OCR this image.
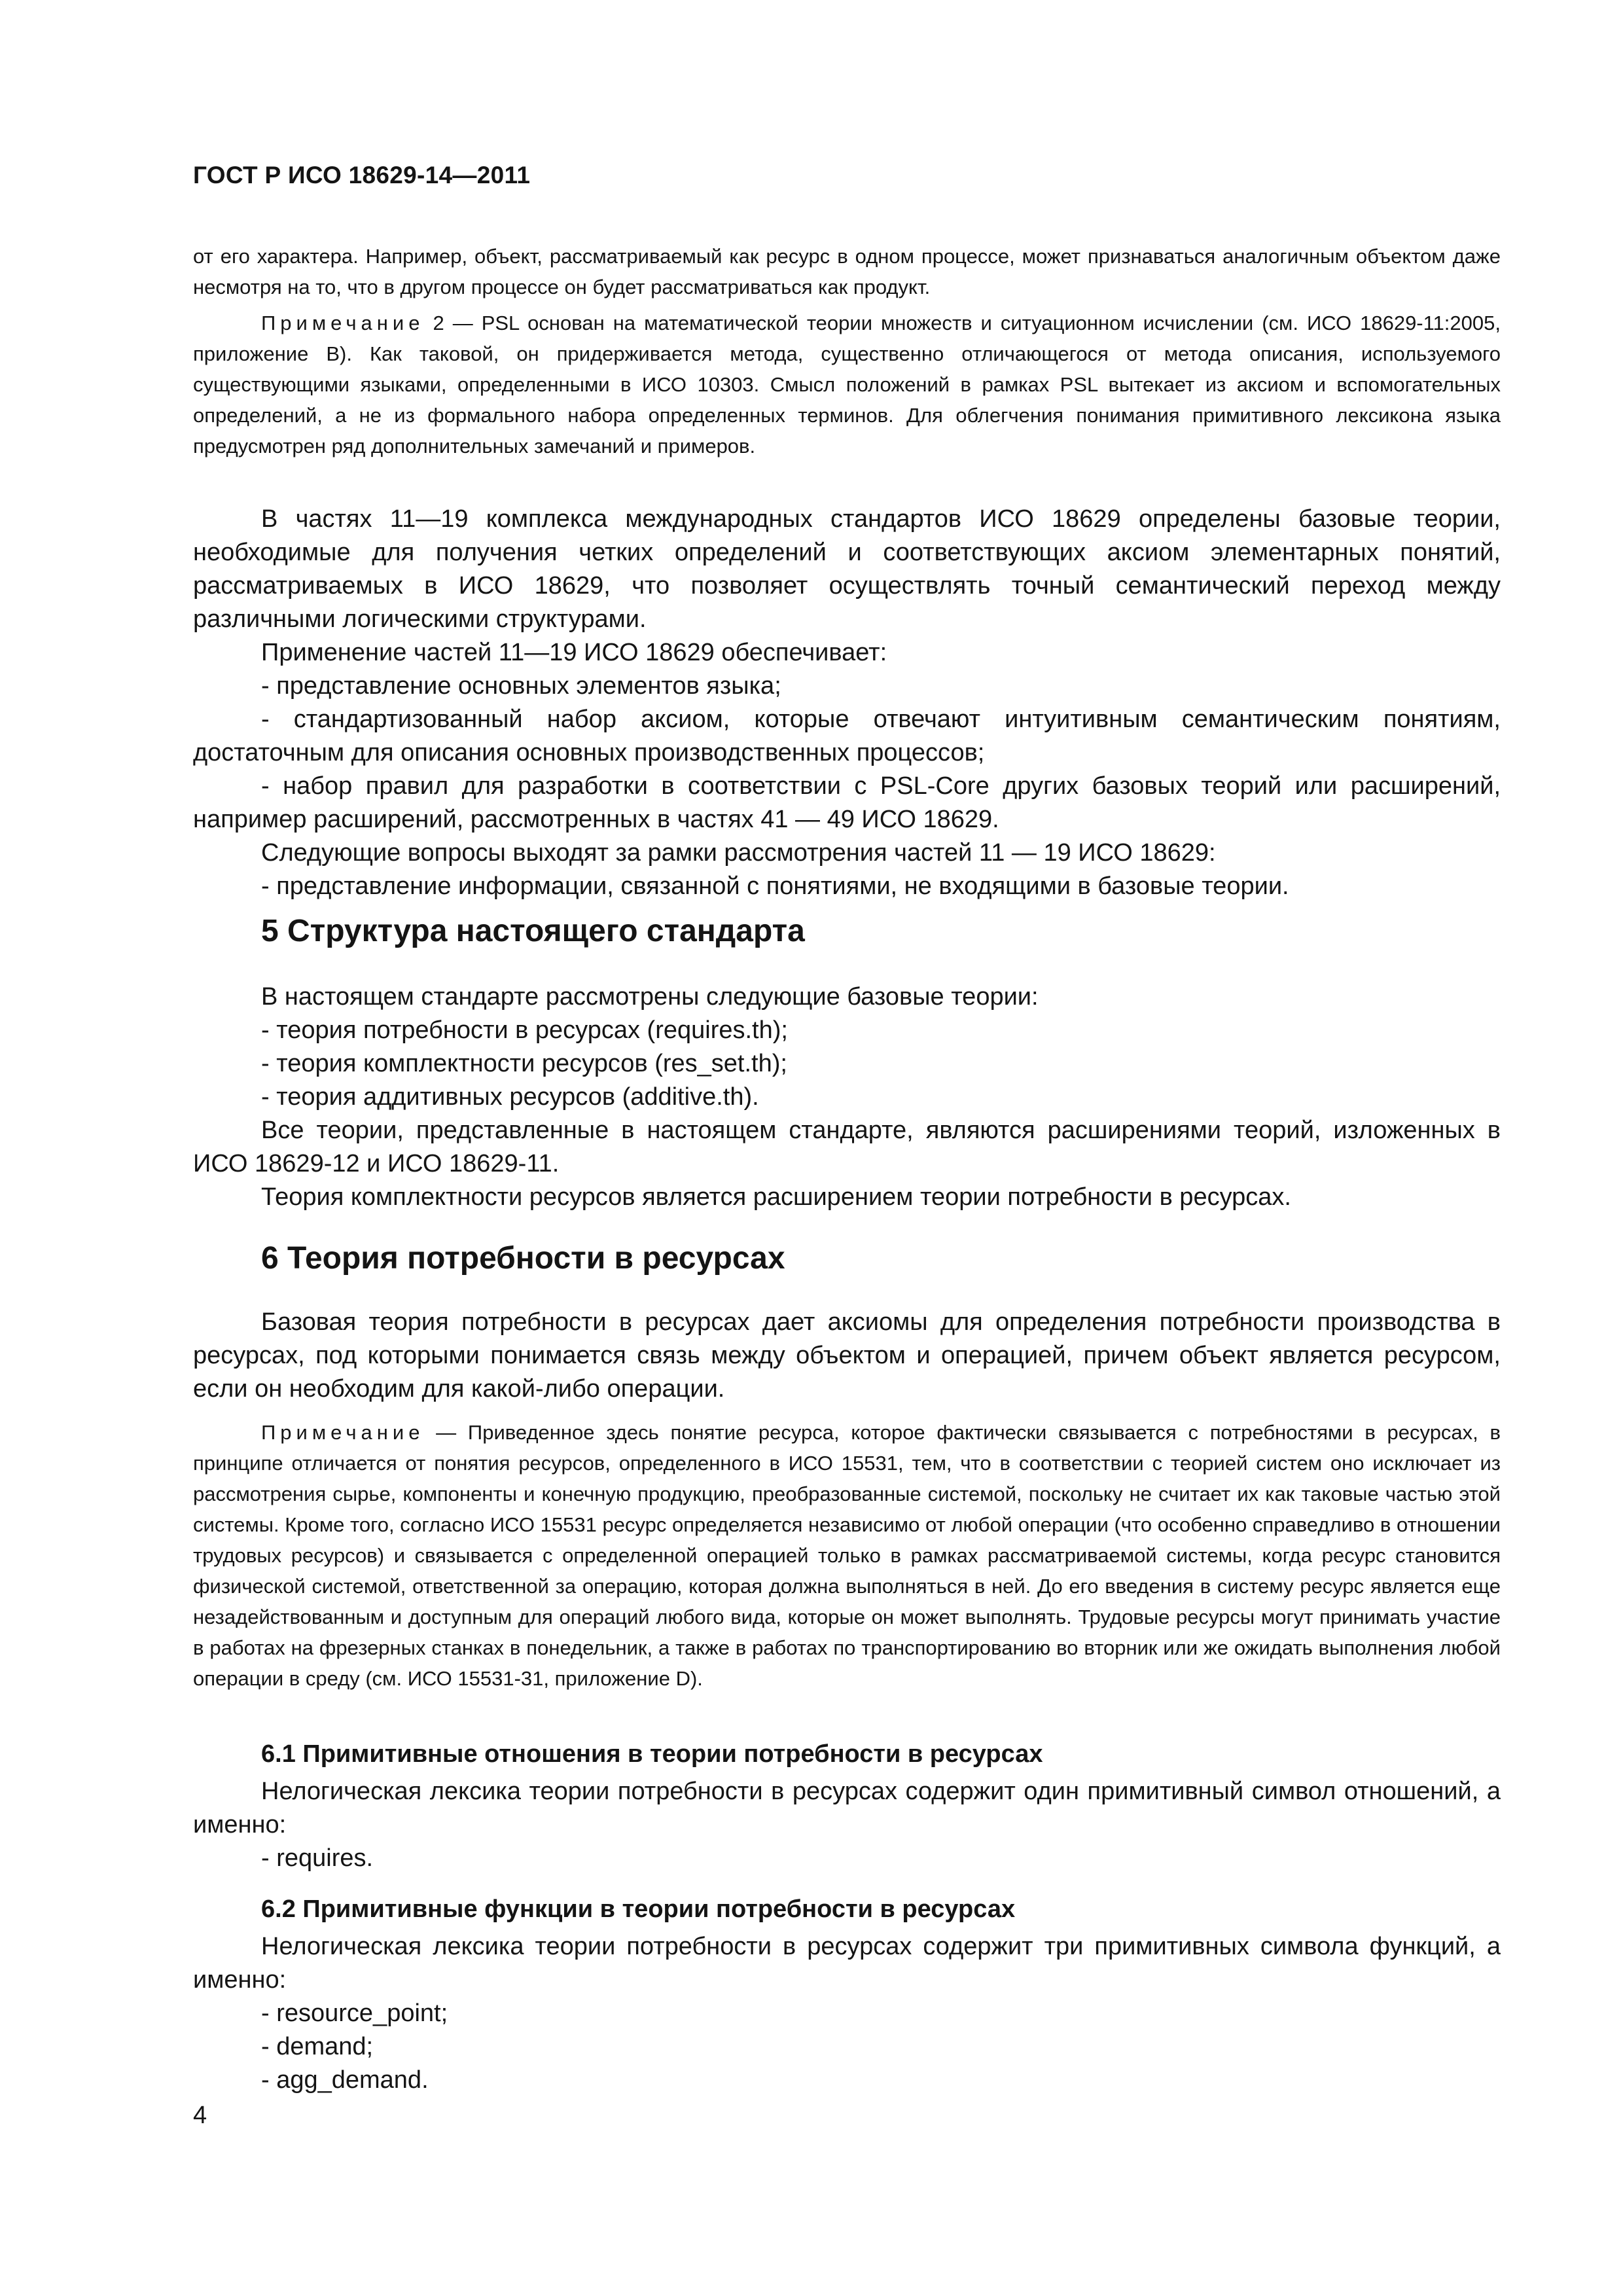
ГОСТ Р ИСО 18629-14—2011

от его характера. Например, объект, рассматриваемый как ресурс в одном процессе, может признаваться аналогичным объектом даже несмотря на то, что в другом процессе он будет рассматриваться как продукт.

Примечание 2 — PSL основан на математической теории множеств и ситуационном исчислении (см. ИСО 18629-11:2005, приложение В). Как таковой, он придерживается метода, существенно отличающегося от метода описания, используемого существующими языками, определенными в ИСО 10303. Смысл положений в рамках PSL вытекает из аксиом и вспомогательных определений, а не из формального набора определенных терминов. Для облегчения понимания примитивного лексикона языка предусмотрен ряд дополнительных замечаний и примеров.

В частях 11—19 комплекса международных стандартов ИСО 18629 определены базовые теории, необходимые для получения четких определений и соответствующих аксиом элементарных понятий, рассматриваемых в ИСО 18629, что позволяет осуществлять точный семантический переход между различными логическими структурами.

Применение частей 11—19 ИСО 18629 обеспечивает:

- представление основных элементов языка;

- стандартизованный набор аксиом, которые отвечают интуитивным семантическим понятиям, достаточным для описания основных производственных процессов;

- набор правил для разработки в соответствии с PSL-Core других базовых теорий или расширений, например расширений, рассмотренных в частях 41 — 49 ИСО 18629.

Следующие вопросы выходят за рамки рассмотрения частей 11 — 19 ИСО 18629:

- представление информации, связанной с понятиями, не входящими в базовые теории.

5 Структура настоящего стандарта

В настоящем стандарте рассмотрены следующие базовые теории:

- теория потребности в ресурсах (requires.th);

- теория комплектности ресурсов (res_set.th);

- теория аддитивных ресурсов (additive.th).

Все теории, представленные в настоящем стандарте, являются расширениями теорий, изложенных в ИСО 18629-12 и ИСО 18629-11.

Теория комплектности ресурсов является расширением теории потребности в ресурсах.

6 Теория потребности в ресурсах

Базовая теория потребности в ресурсах дает аксиомы для определения потребности производства в ресурсах, под которыми понимается связь между объектом и операцией, причем объект является ресурсом, если он необходим для какой-либо операции.

Примечание — Приведенное здесь понятие ресурса, которое фактически связывается с потребностями в ресурсах, в принципе отличается от понятия ресурсов, определенного в ИСО 15531, тем, что в соответствии с теорией систем оно исключает из рассмотрения сырье, компоненты и конечную продукцию, преобразованные системой, поскольку не считает их как таковые частью этой системы. Кроме того, согласно ИСО 15531 ресурс определяется независимо от любой операции (что особенно справедливо в отношении трудовых ресурсов) и связывается с определенной операцией только в рамках рассматриваемой системы, когда ресурс становится физической системой, ответственной за операцию, которая должна выполняться в ней. До его введения в систему ресурс является еще незадействованным и доступным для операций любого вида, которые он может выполнять. Трудовые ресурсы могут принимать участие в работах на фрезерных станках в понедельник, а также в работах по транспортированию во вторник или же ожидать выполнения любой операции в среду (см. ИСО 15531-31, приложение D).

6.1 Примитивные отношения в теории потребности в ресурсах

Нелогическая лексика теории потребности в ресурсах содержит один примитивный символ отношений, а именно:

- requires.

6.2 Примитивные функции в теории потребности в ресурсах

Нелогическая лексика теории потребности в ресурсах содержит три примитивных символа функций, а именно:

- resource_point;

- demand;

- agg_demand.

4
